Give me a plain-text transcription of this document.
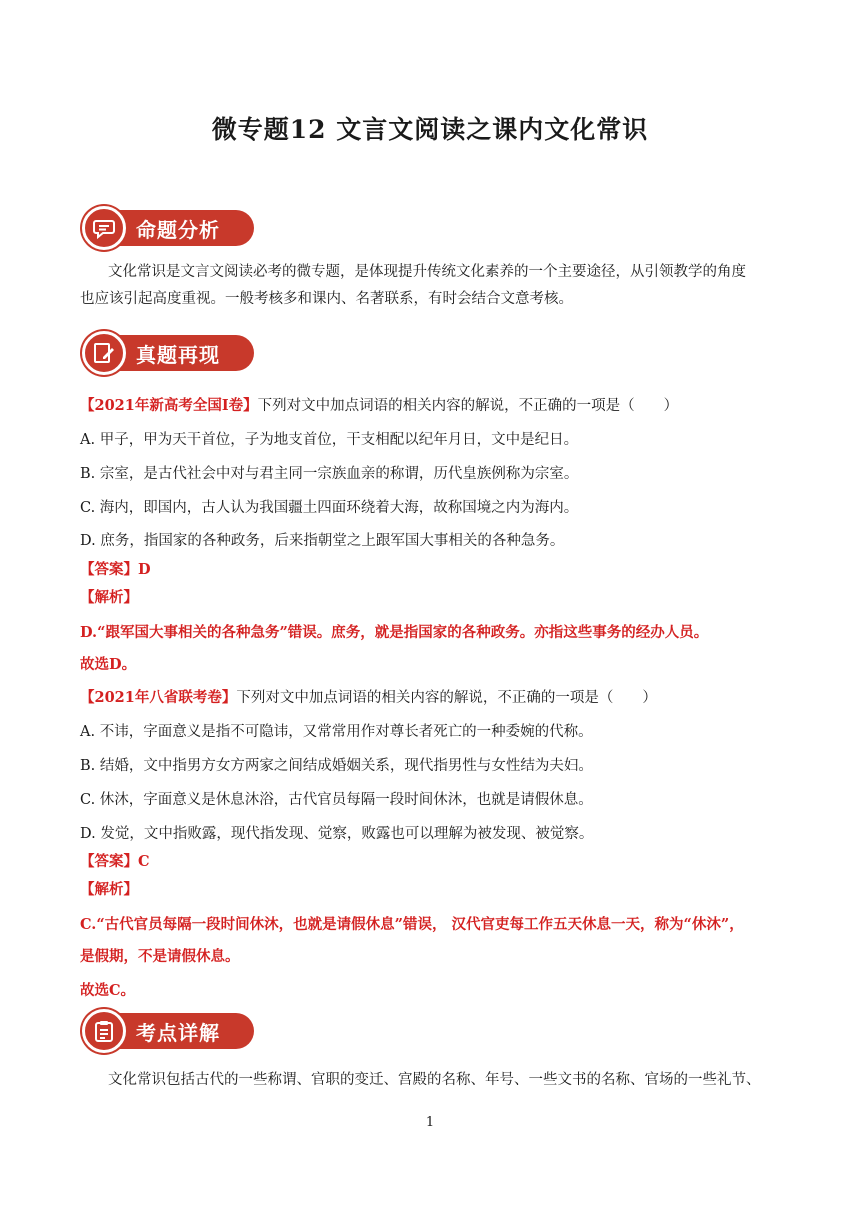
微专题12 文言文阅读之课内文化常识
命题分析
文化常识是文言文阅读必考的微专题，是体现提升传统文化素养的一个主要途径，从引领教学的角度
也应该引起高度重视。一般考核多和课内、名著联系，有时会结合文意考核。
真题再现
【2021年新高考全国I卷】下列对文中加点词语的相关内容的解说，不正确的一项是（　　）
A. 甲子，甲为天干首位，子为地支首位，干支相配以纪年月日，文中是纪日。
B. 宗室，是古代社会中对与君主同一宗族血亲的称谓，历代皇族例称为宗室。
C. 海内，即国内，古人认为我国疆土四面环绕着大海，故称国境之内为海内。
D. 庶务，指国家的各种政务，后来指朝堂之上跟军国大事相关的各种急务。
【答案】D
【解析】
D.“跟军国大事相关的各种急务”错误。庶务，就是指国家的各种政务。亦指这些事务的经办人员。
故选D。
【2021年八省联考卷】下列对文中加点词语的相关内容的解说，不正确的一项是（　　）
A. 不讳，字面意义是指不可隐讳，又常常用作对尊长者死亡的一种委婉的代称。
B. 结婚，文中指男方女方两家之间结成婚姻关系，现代指男性与女性结为夫妇。
C. 休沐，字面意义是休息沐浴，古代官员每隔一段时间休沐，也就是请假休息。
D. 发觉，文中指败露，现代指发现、觉察，败露也可以理解为被发现、被觉察。
【答案】C
【解析】
C.“古代官员每隔一段时间休沐，也就是请假休息”错误， 汉代官吏每工作五天休息一天，称为“休沐”，
是假期，不是请假休息。
故选C。
考点详解
文化常识包括古代的一些称谓、官职的变迁、宫殿的名称、年号、一些文书的名称、官场的一些礼节、
1
